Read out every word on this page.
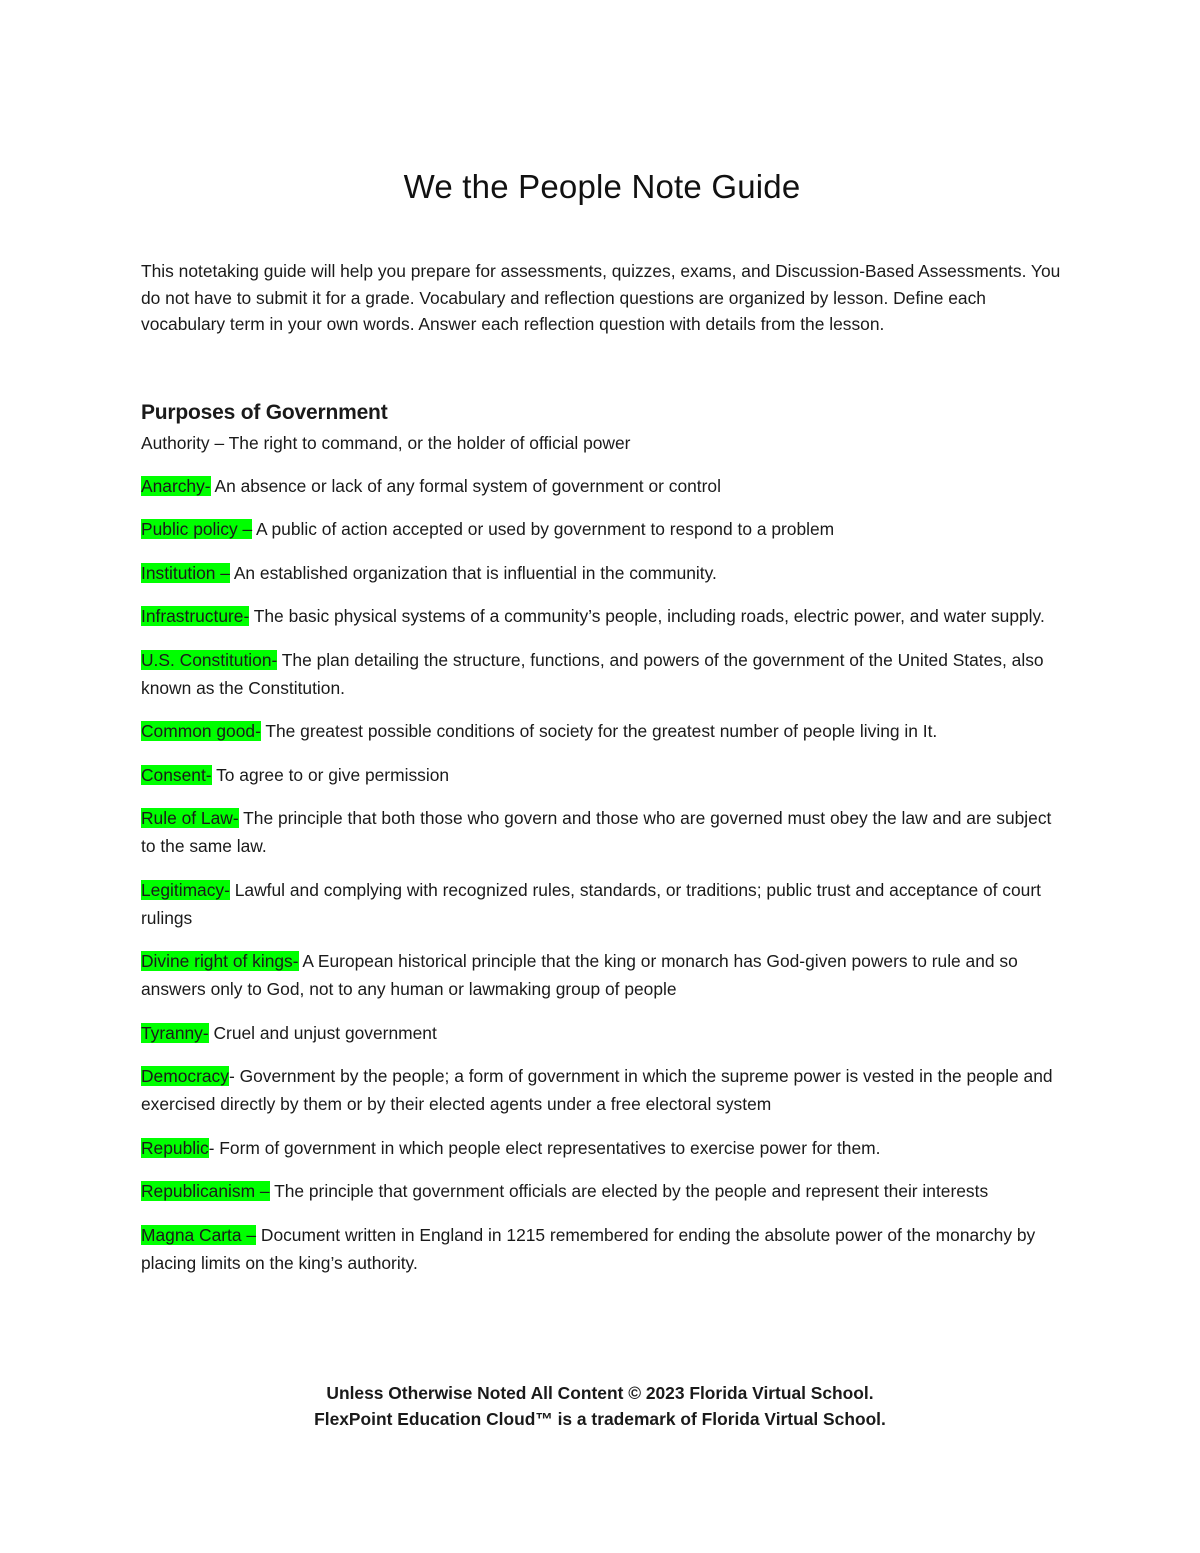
We the People Note Guide

This notetaking guide will help you prepare for assessments, quizzes, exams, and Discussion-Based Assessments. You do not have to submit it for a grade. Vocabulary and reflection questions are organized by lesson. Define each vocabulary term in your own words. Answer each reflection question with details from the lesson.

Purposes of Government

Authority – The right to command, or the holder of official power

Anarchy- An absence or lack of any formal system of government or control

Public policy – A public of action accepted or used by government to respond to a problem

Institution – An established organization that is influential in the community.

Infrastructure- The basic physical systems of a community’s people, including roads, electric power, and water supply.

U.S. Constitution- The plan detailing the structure, functions, and powers of the government of the United States, also known as the Constitution.

Common good- The greatest possible conditions of society for the greatest number of people living in It.

Consent- To agree to or give permission

Rule of Law- The principle that both those who govern and those who are governed must obey the law and are subject to the same law.

Legitimacy- Lawful and complying with recognized rules, standards, or traditions; public trust and acceptance of court rulings

Divine right of kings- A European historical principle that the king or monarch has God-given powers to rule and so answers only to God, not to any human or lawmaking group of people

Tyranny- Cruel and unjust government

Democracy- Government by the people; a form of government in which the supreme power is vested in the people and exercised directly by them or by their elected agents under a free electoral system

Republic- Form of government in which people elect representatives to exercise power for them.

Republicanism – The principle that government officials are elected by the people and represent their interests

Magna Carta – Document written in England in 1215 remembered for ending the absolute power of the monarchy by placing limits on the king’s authority.

Unless Otherwise Noted All Content © 2023 Florida Virtual School.
FlexPoint Education Cloud™ is a trademark of Florida Virtual School.
